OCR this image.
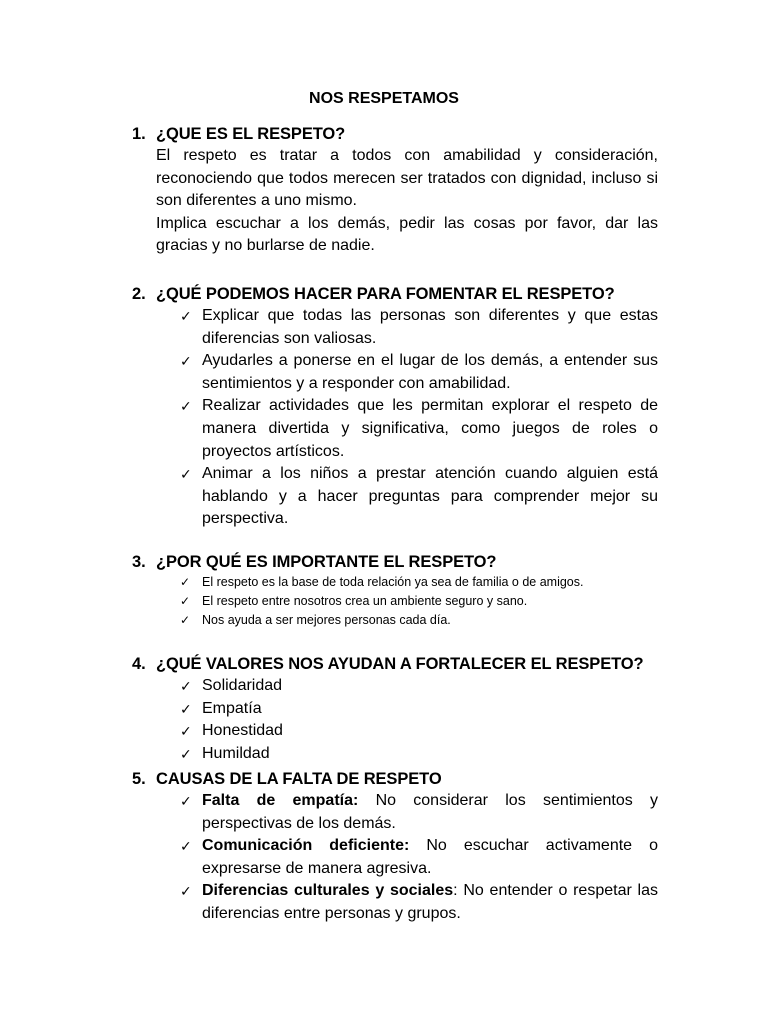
NOS RESPETAMOS
1. ¿QUE ES EL RESPETO?

El respeto es tratar a todos con amabilidad y consideración, reconociendo que todos merecen ser tratados con dignidad, incluso si son diferentes a uno mismo.

Implica escuchar a los demás, pedir las cosas por favor, dar las gracias y no burlarse de nadie.

2. ¿QUÉ PODEMOS HACER PARA FOMENTAR EL RESPETO?
✓ Explicar que todas las personas son diferentes y que estas diferencias son valiosas.
✓ Ayudarles a ponerse en el lugar de los demás, a entender sus sentimientos y a responder con amabilidad.
✓ Realizar actividades que les permitan explorar el respeto de manera divertida y significativa, como juegos de roles o proyectos artísticos.
✓ Animar a los niños a prestar atención cuando alguien está hablando y a hacer preguntas para comprender mejor su perspectiva.
3. ¿POR QUÉ ES IMPORTANTE EL RESPETO?
✓ El respeto es la base de toda relación ya sea de familia o de amigos.
✓ El respeto entre nosotros crea un ambiente seguro y sano.
✓ Nos ayuda a ser mejores personas cada día.
4. ¿QUÉ VALORES NOS AYUDAN A FORTALECER EL RESPETO?
✓ Solidaridad
✓ Empatía
✓ Honestidad
✓ Humildad
5. CAUSAS DE LA FALTA DE RESPETO
✓ Falta de empatía: No considerar los sentimientos y perspectivas de los demás.
✓ Comunicación deficiente: No escuchar activamente o expresarse de manera agresiva.
✓ Diferencias culturales y sociales: No entender o respetar las diferencias entre personas y grupos.
